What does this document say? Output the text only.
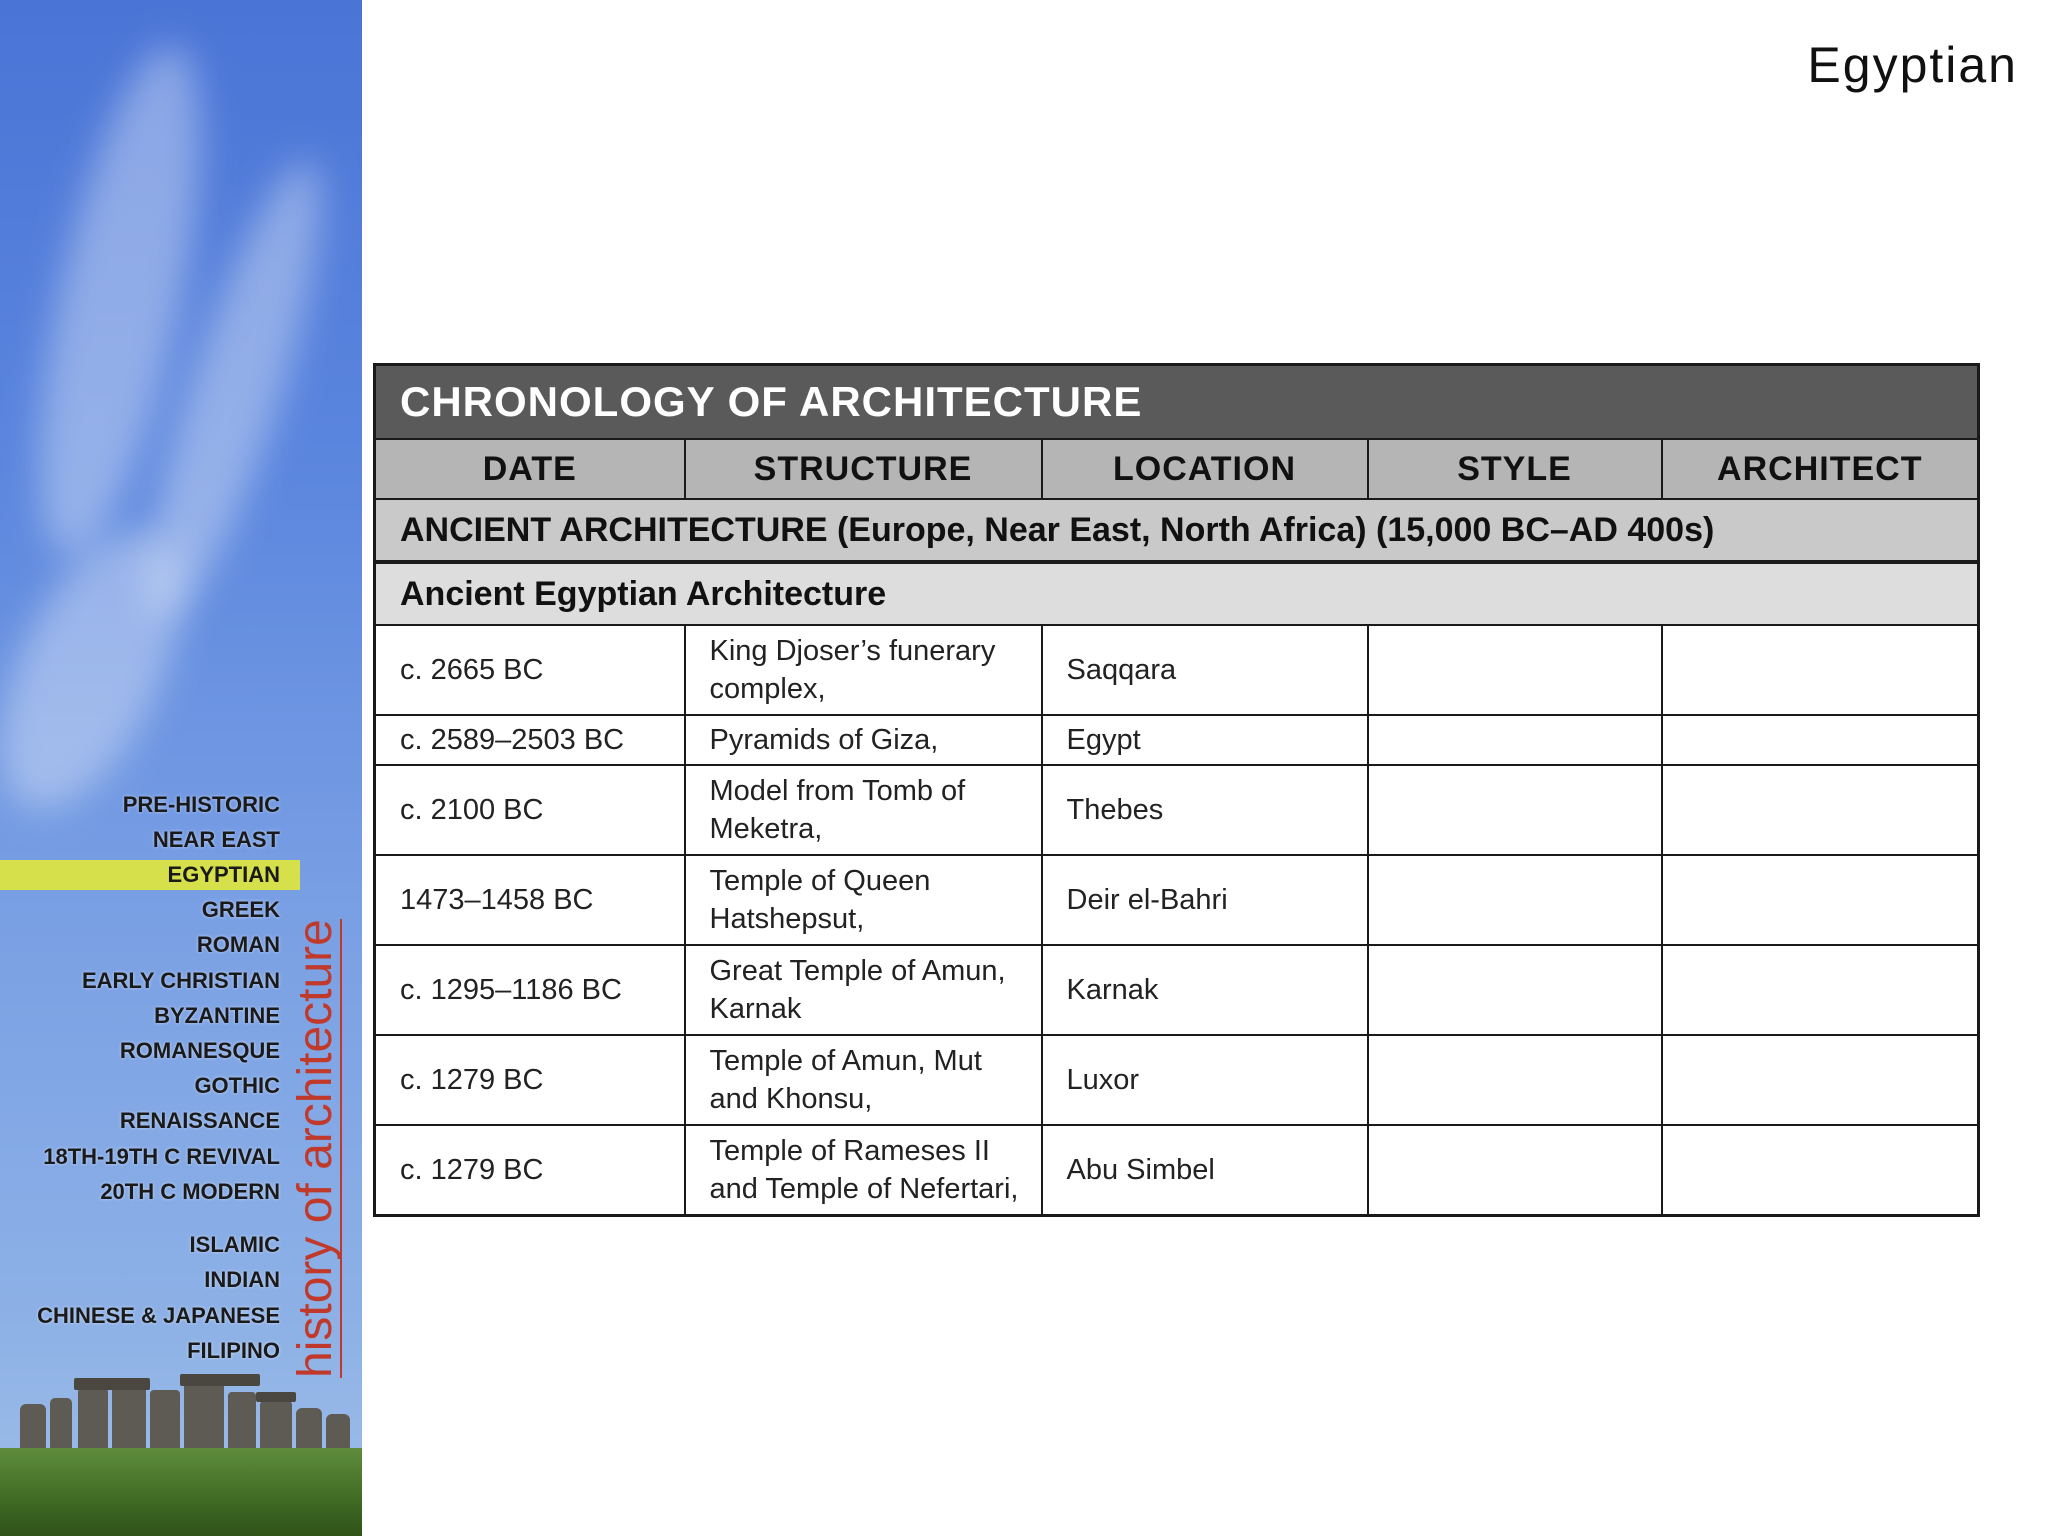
PRE-HISTORIC
NEAR EAST
EGYPTIAN
GREEK
ROMAN
EARLY CHRISTIAN
BYZANTINE
ROMANESQUE
GOTHIC
RENAISSANCE
18TH-19TH C REVIVAL
20TH C MODERN
ISLAMIC
INDIAN
CHINESE & JAPANESE
FILIPINO history of architecture
Egyptian
CHRONOLOGY OF ARCHITECTURE				
DATE	STRUCTURE	LOCATION	STYLE	ARCHITECT
ANCIENT ARCHITECTURE (Europe, Near East, North Africa) (15,000 BC–AD 400s)				
Ancient Egyptian Architecture				
c. 2665 BC	King Djoser’s funerary complex,	Saqqara		
c. 2589–2503 BC	Pyramids of Giza,	Egypt		
c. 2100 BC	Model from Tomb of Meketra,	Thebes		
1473–1458 BC	Temple of Queen Hatshepsut,	Deir el-Bahri		
c. 1295–1186 BC	Great Temple of Amun, Karnak	Karnak		
c. 1279 BC	Temple of Amun, Mut and Khonsu,	Luxor		
c. 1279 BC	Temple of Rameses II and Temple of Nefertari,	Abu Simbel		
